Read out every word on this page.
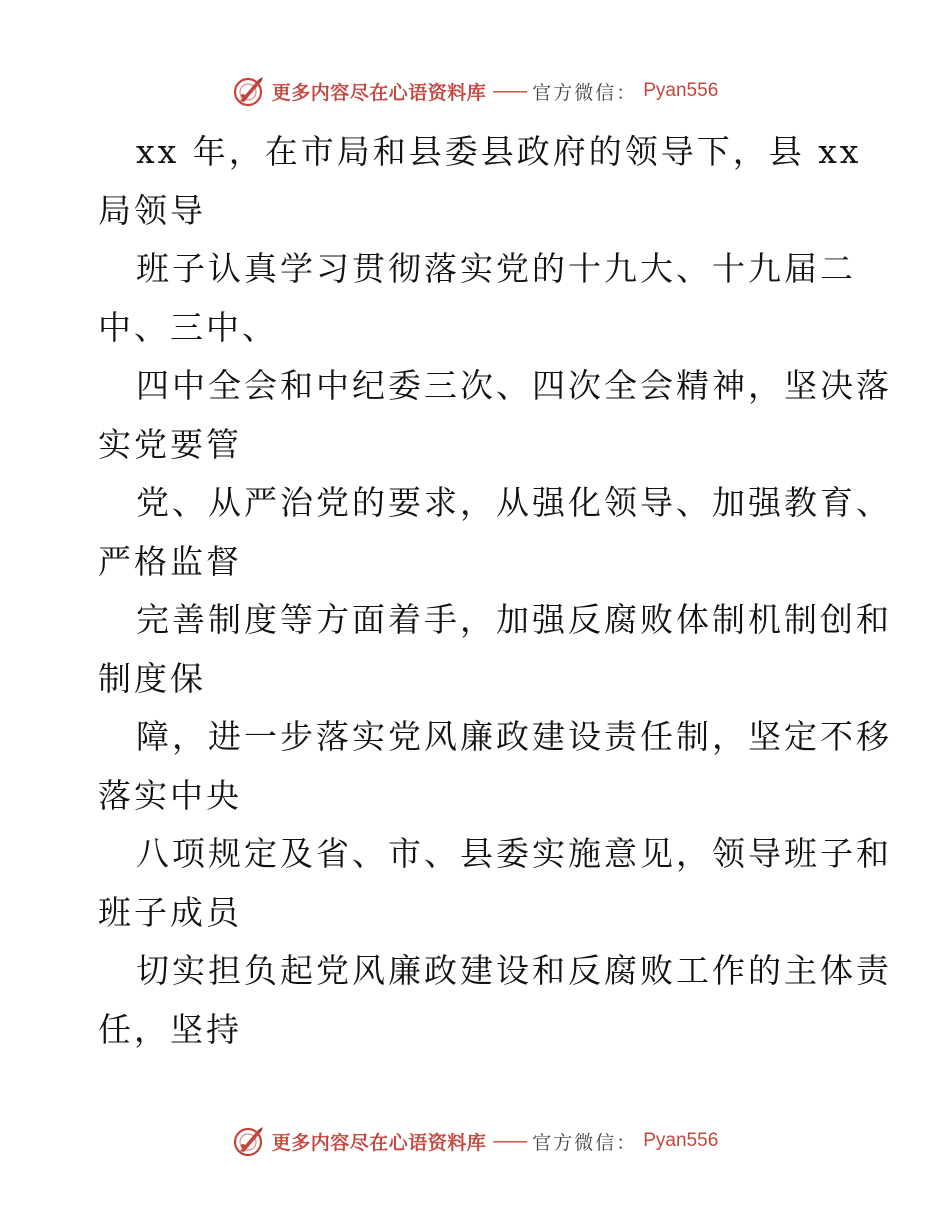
更多内容尽在心语资料库 —— 官方微信： Pyan556
xx 年，在市局和县委县政府的领导下，县 xx
局领导
班子认真学习贯彻落实党的十九大、十九届二
中、三中、
四中全会和中纪委三次、四次全会精神，坚决落
实党要管
党、从严治党的要求，从强化领导、加强教育、
严格监督
完善制度等方面着手，加强反腐败体制机制创和
制度保
障，进一步落实党风廉政建设责任制，坚定不移
落实中央
八项规定及省、市、县委实施意见，领导班子和
班子成员
切实担负起党风廉政建设和反腐败工作的主体责
任，坚持
更多内容尽在心语资料库 —— 官方微信： Pyan556
